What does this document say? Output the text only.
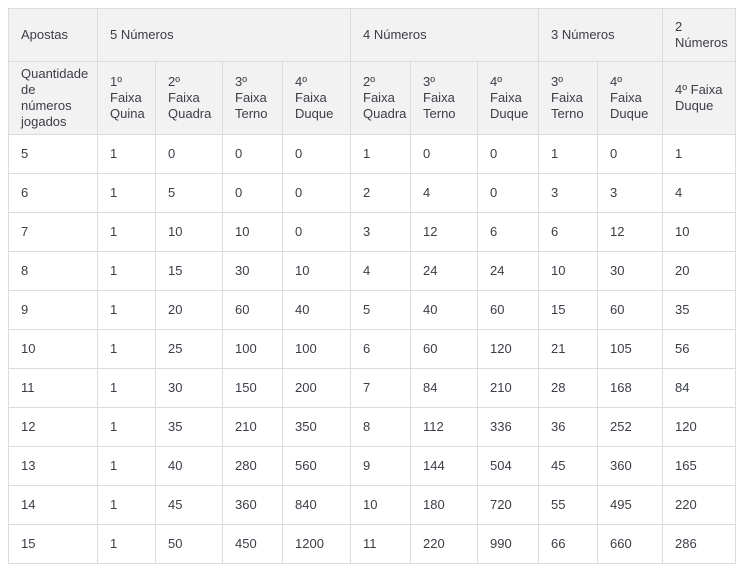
Apostas	5 Números				4 Números			3 Números		2 Números
Quantidade de números jogados	1º Faixa Quina	2º Faixa Quadra	3º Faixa Terno	4º Faixa Duque	2º Faixa Quadra	3º Faixa Terno	4º Faixa Duque	3º Faixa Terno	4º Faixa Duque	4º Faixa Duque
5	1	0	0	0	1	0	0	1	0	1
6	1	5	0	0	2	4	0	3	3	4
7	1	10	10	0	3	12	6	6	12	10
8	1	15	30	10	4	24	24	10	30	20
9	1	20	60	40	5	40	60	15	60	35
10	1	25	100	100	6	60	120	21	105	56
11	1	30	150	200	7	84	210	28	168	84
12	1	35	210	350	8	112	336	36	252	120
13	1	40	280	560	9	144	504	45	360	165
14	1	45	360	840	10	180	720	55	495	220
15	1	50	450	1200	11	220	990	66	660	286
